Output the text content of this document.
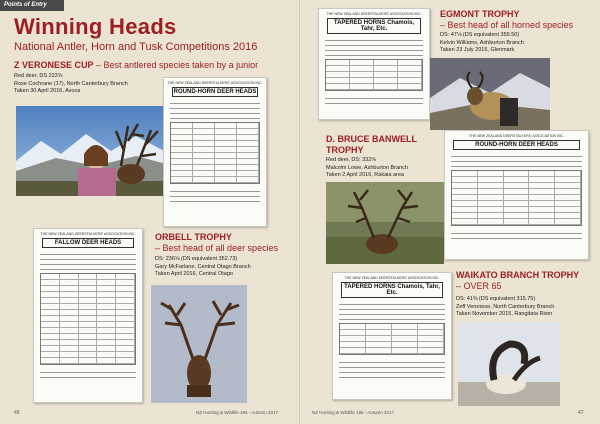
Points of Entry
Winning Heads
National Antler, Horn and Tusk Competitions 2016
Z VERONESE CUP – Best antlered species taken by a junior
Red deer, DS 223⅝
Rose Cochrane (17), North Canterbury Branch
Taken 30 April 2016, Avoca
THE NEW ZEALAND DEERSTALKERS' ASSOCIATION INC.
ROUND-HORN DEER HEADS
THE NEW ZEALAND DEERSTALKERS' ASSOCIATION INC.
FALLOW DEER HEADS
ORBELL TROPHY
– Best head of all deer species
DS: 236⅝ (DS equivalent 352.73)
Gary McFarlane, Central Otago Branch
Taken April 2016, Central Otago
THE NEW ZEALAND DEERSTALKERS' ASSOCIATION INC.
TAPERED HORNS Chamois, Tahr, Etc.
EGMONT TROPHY
– Best head of all horned species
DS: 47⅛ (DS equivalent 359.50)
Kelvin Williams, Ashburton Branch
Taken 23 July 2015, Glenmark
D. BRUCE BANWELL TROPHY
Red deer, DS: 332⅝
Malcolm Lowe, Ashburton Branch
Taken 2 April 2016, Rakaia area
THE NEW ZEALAND DEERSTALKERS' ASSOCIATION INC.
ROUND-HORN DEER HEADS
THE NEW ZEALAND DEERSTALKERS' ASSOCIATION INC.
TAPERED HORNS Chamois, Tahr, Etc.
WAIKATO BRANCH TROPHY
– OVER 65
DS: 41⅜ (DS equivalent 315.75)
Zeff Veronese, North Canterbury Branch
Taken November 2015, Rangitata River
46	NZ Hunting & Wildlife 196 - Autumn 2017	NZ Hunting & Wildlife 196 - Autumn 2017	47
